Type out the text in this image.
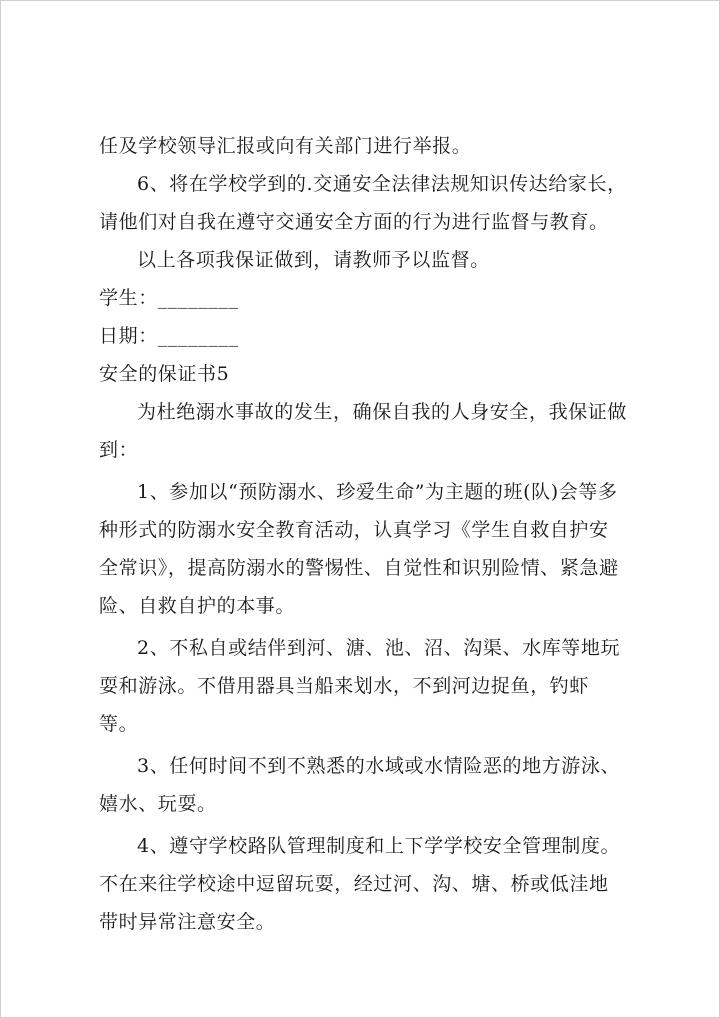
任及学校领导汇报或向有关部门进行举报。

6、将在学校学到的.交通安全法律法规知识传达给家长，请他们对自我在遵守交通安全方面的行为进行监督与教育。

以上各项我保证做到，请教师予以监督。

学生：________

日期：________

安全的保证书5

为杜绝溺水事故的发生，确保自我的人身安全，我保证做到：

1、参加以“预防溺水、珍爱生命”为主题的班(队)会等多种形式的防溺水安全教育活动，认真学习《学生自救自护安全常识》，提高防溺水的警惕性、自觉性和识别险情、紧急避险、自救自护的本事。

2、不私自或结伴到河、溏、池、沼、沟渠、水库等地玩耍和游泳。不借用器具当船来划水，不到河边捉鱼，钓虾等。

3、任何时间不到不熟悉的水域或水情险恶的地方游泳、嬉水、玩耍。

4、遵守学校路队管理制度和上下学学校安全管理制度。不在来往学校途中逗留玩耍，经过河、沟、塘、桥或低洼地带时异常注意安全。
